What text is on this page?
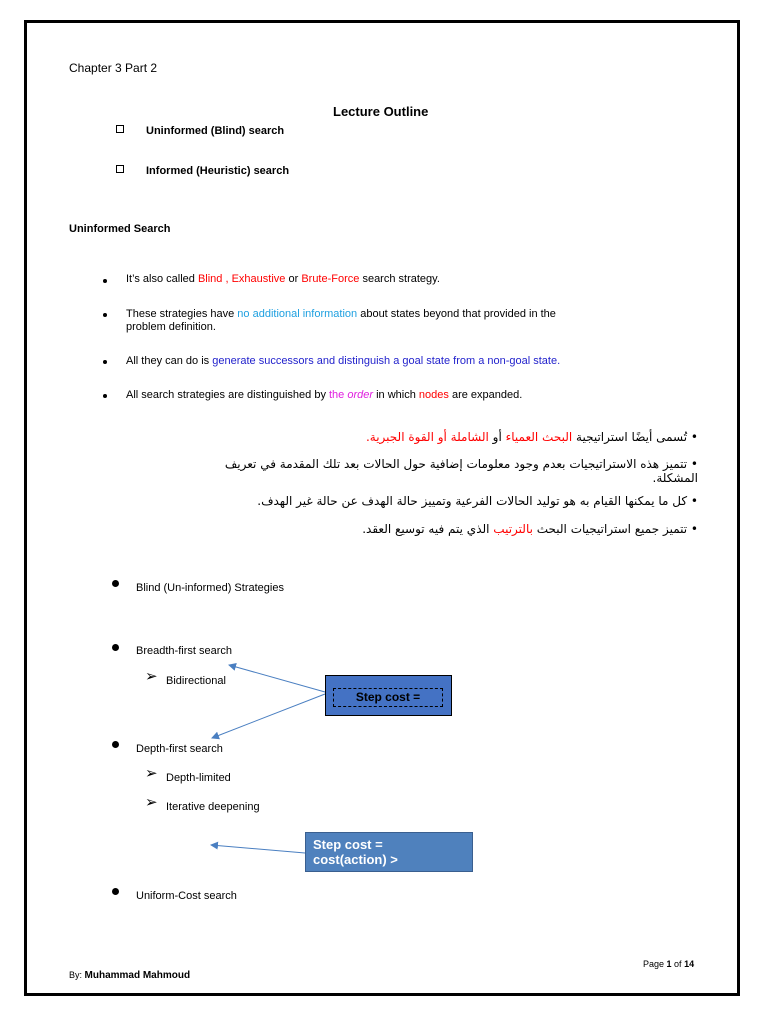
Chapter 3 Part 2
Lecture Outline
Uninformed (Blind) search
Informed (Heuristic) search
Uninformed Search
It’s also called Blind , Exhaustive or Brute-Force search strategy.
These strategies have no additional information about states beyond that provided in the
problem definition.
All they can do is generate successors and distinguish a goal state from a non-goal state.
All search strategies are distinguished by the order in which nodes are expanded.
• تُسمى أيضًا استراتيجية البحث العمياء أو الشاملة أو القوة الجبرية.
• تتميز هذه الاستراتيجيات بعدم وجود معلومات إضافية حول الحالات بعد تلك المقدمة في تعريف
المشكلة.
• كل ما يمكنها القيام به هو توليد الحالات الفرعية وتمييز حالة الهدف عن حالة غير الهدف.
• تتميز جميع استراتيجيات البحث بالترتيب الذي يتم فيه توسيع العقد.
Blind (Un-informed) Strategies
Breadth-first search
➢ Bidirectional
Depth-first search
➢ Depth-limited
➢ Iterative deepening
Uniform-Cost search
Step cost =
Step cost =
cost(action) >
Page 1 of 14
By: Muhammad Mahmoud
